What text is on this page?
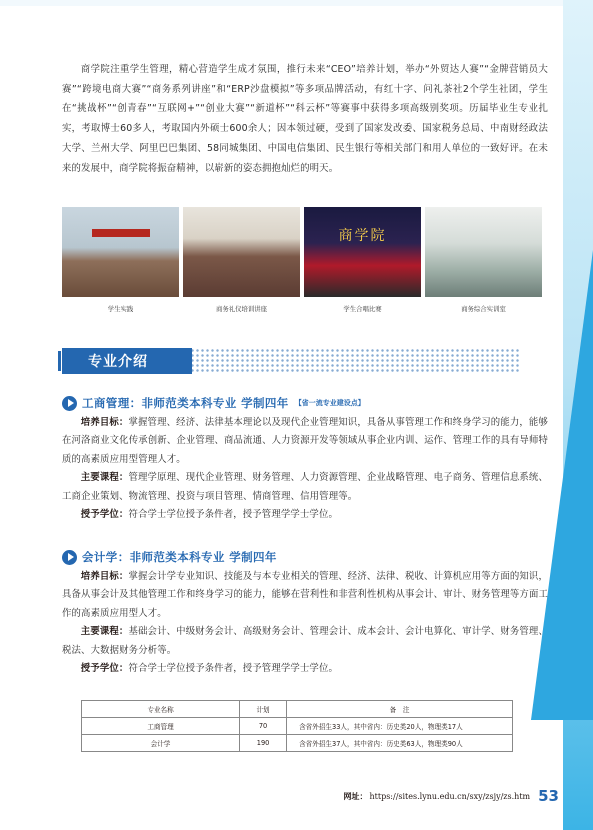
商学院注重学生管理，精心营造学生成才氛围，推行未来“CEO”培养计划，举办“外贸达人赛”“金牌营销员大赛”“跨境电商大赛”“商务系列讲座”和“ERP沙盘模拟”等多项品牌活动，有红十字、问礼茶社2个学生社团，学生在“挑战杯”“创青春”“互联网+”“创业大赛”“新道杯”“科云杯”等赛事中获得多项高级别奖项。历届毕业生专业扎实，考取博士60多人，考取国内外硕士600余人；因本领过硬，受到了国家发改委、国家税务总局、中南财经政法大学、兰州大学、阿里巴巴集团、58同城集团、中国电信集团、民生银行等相关部门和用人单位的一致好评。在未来的发展中，商学院将振奋精神，以崭新的姿态拥抱灿烂的明天。
学生实践	商务礼仪培训讲座
商学院
学生合唱比赛	商务综合实训室
专业介绍
工商管理：非师范类本科专业 学制四年 【省一流专业建设点】
培养目标：掌握管理、经济、法律基本理论以及现代企业管理知识，具备从事管理工作和终身学习的能力，能够在河洛商业文化传承创新、企业管理、商品流通、人力资源开发等领域从事企业内训、运作、管理工作的具有导师特质的高素质应用型管理人才。
主要课程：管理学原理、现代企业管理、财务管理、人力资源管理、企业战略管理、电子商务、管理信息系统、工商企业策划、物流管理、投资与项目管理、情商管理、信用管理等。
授予学位：符合学士学位授予条件者，授予管理学学士学位。
会计学：非师范类本科专业 学制四年
培养目标：掌握会计学专业知识、技能及与本专业相关的管理、经济、法律、税收、计算机应用等方面的知识，具备从事会计及其他管理工作和终身学习的能力，能够在营利性和非营利性机构从事会计、审计、财务管理等方面工作的高素质应用型人才。
主要课程：基础会计、中级财务会计、高级财务会计、管理会计、成本会计、会计电算化、审计学、财务管理、税法、大数据财务分析等。
授予学位：符合学士学位授予条件者，授予管理学学士学位。
专业名称	计划	备　注
工商管理	70	含省外招生33人，其中省内：历史类20人，物理类17人
会计学	190	含省外招生37人，其中省内：历史类63人，物理类90人
网址： https://sites.lynu.edu.cn/sxy/zsjy/zs.htm 53
